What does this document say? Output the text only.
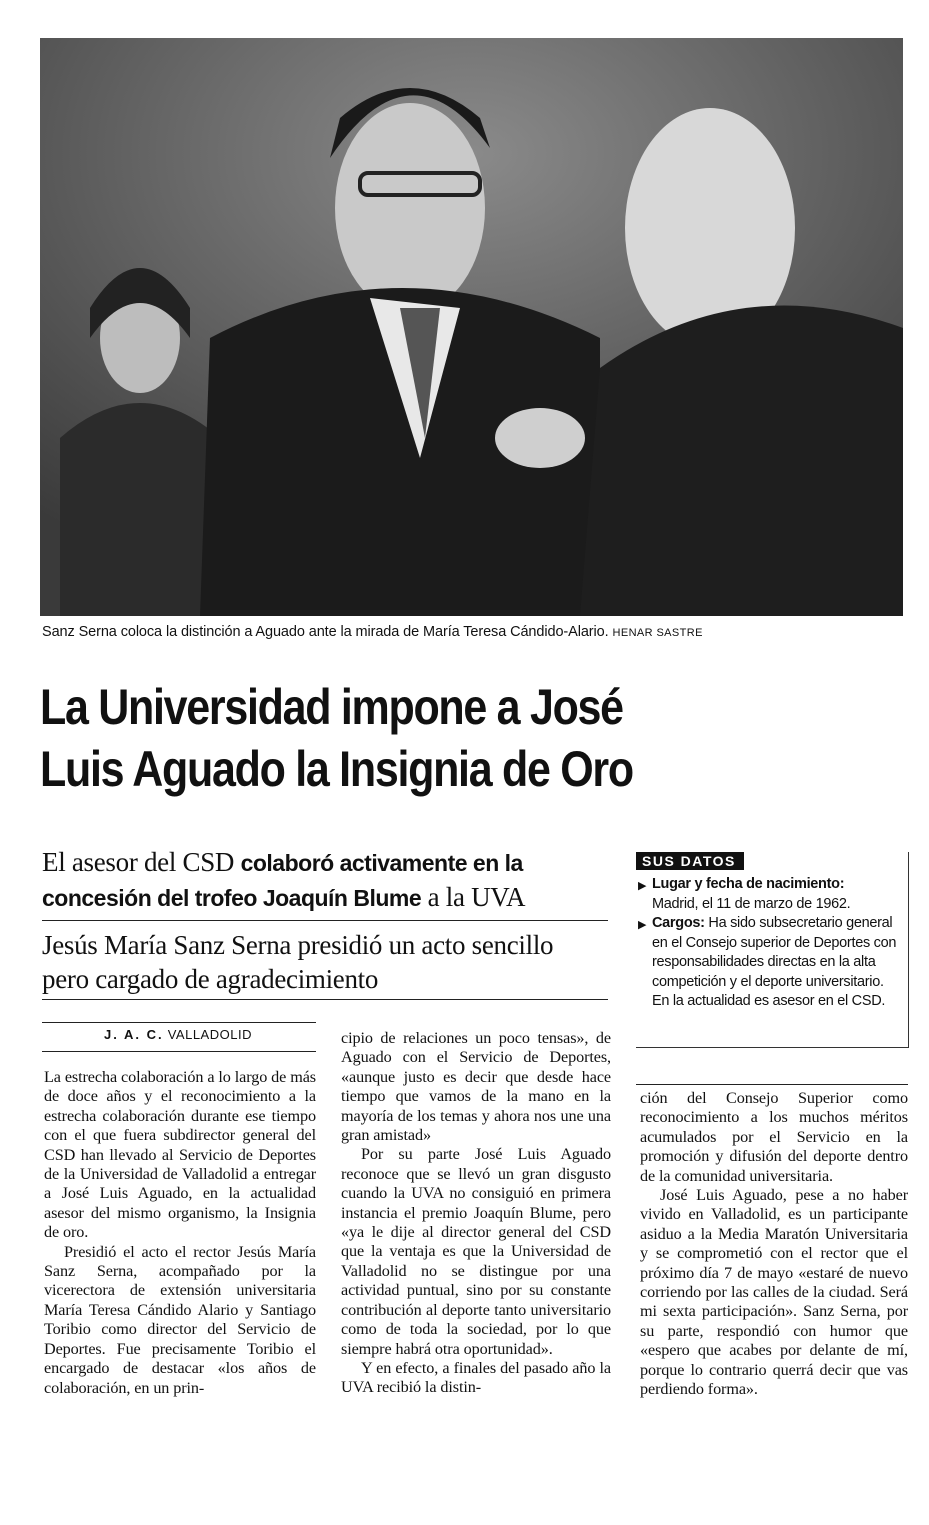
Sanz Serna coloca la distinción a Aguado ante la mirada de María Teresa Cándido-Alario. HENAR SASTRE
La Universidad impone a José
Luis Aguado la Insignia de Oro
El asesor del CSD colaboró activamente en la concesión del trofeo Joaquín Blume a la UVA
Jesús María Sanz Serna presidió un acto sencillo pero cargado de agradecimiento
SUS DATOS

▶ Lugar y fecha de nacimiento:
Madrid, el 11 de marzo de 1962.

▶ Cargos: Ha sido subsecretario general en el Consejo superior de Deportes con responsabilidades directas en la alta competición y el deporte universitario.

En la actualidad es asesor en el CSD.

J. A. C. VALLADOLID

La estrecha colaboración a lo largo de más de doce años y el reconocimiento a la estrecha colaboración durante ese tiempo con el que fuera subdirector general del CSD han llevado al Servicio de Deportes de la Universidad de Valladolid a entregar a José Luis Aguado, en la actualidad asesor del mismo organismo, la Insignia de oro.

Presidió el acto el rector Jesús María Sanz Serna, acompañado por la vicerectora de extensión universitaria María Teresa Cándido Alario y Santiago Toribio como director del Servicio de Deportes. Fue precisamente Toribio el encargado de destacar «los años de colaboración, en un prin-

cipio de relaciones un poco tensas», de Aguado con el Servicio de Deportes, «aunque justo es decir que desde hace tiempo que vamos de la mano en la mayoría de los temas y ahora nos une una gran amistad»

Por su parte José Luis Aguado reconoce que se llevó un gran disgusto cuando la UVA no consiguió en primera instancia el premio Joaquín Blume, pero «ya le dije al director general del CSD que la ventaja es que la Universidad de Valladolid no se distingue por una actividad puntual, sino por su constante contribución al deporte tanto universitario como de toda la sociedad, por lo que siempre habrá otra oportunidad».

Y en efecto, a finales del pasado año la UVA recibió la distin-

ción del Consejo Superior como reconocimiento a los muchos méritos acumulados por el Servicio en la promoción y difusión del deporte dentro de la comunidad universitaria.

José Luis Aguado, pese a no haber vivido en Valladolid, es un participante asiduo a la Media Maratón Universitaria y se comprometió con el rector que el próximo día 7 de mayo «estaré de nuevo corriendo por las calles de la ciudad. Será mi sexta participación». Sanz Serna, por su parte, respondió con humor que «espero que acabes por delante de mí, porque lo contrario querrá decir que vas perdiendo forma».
